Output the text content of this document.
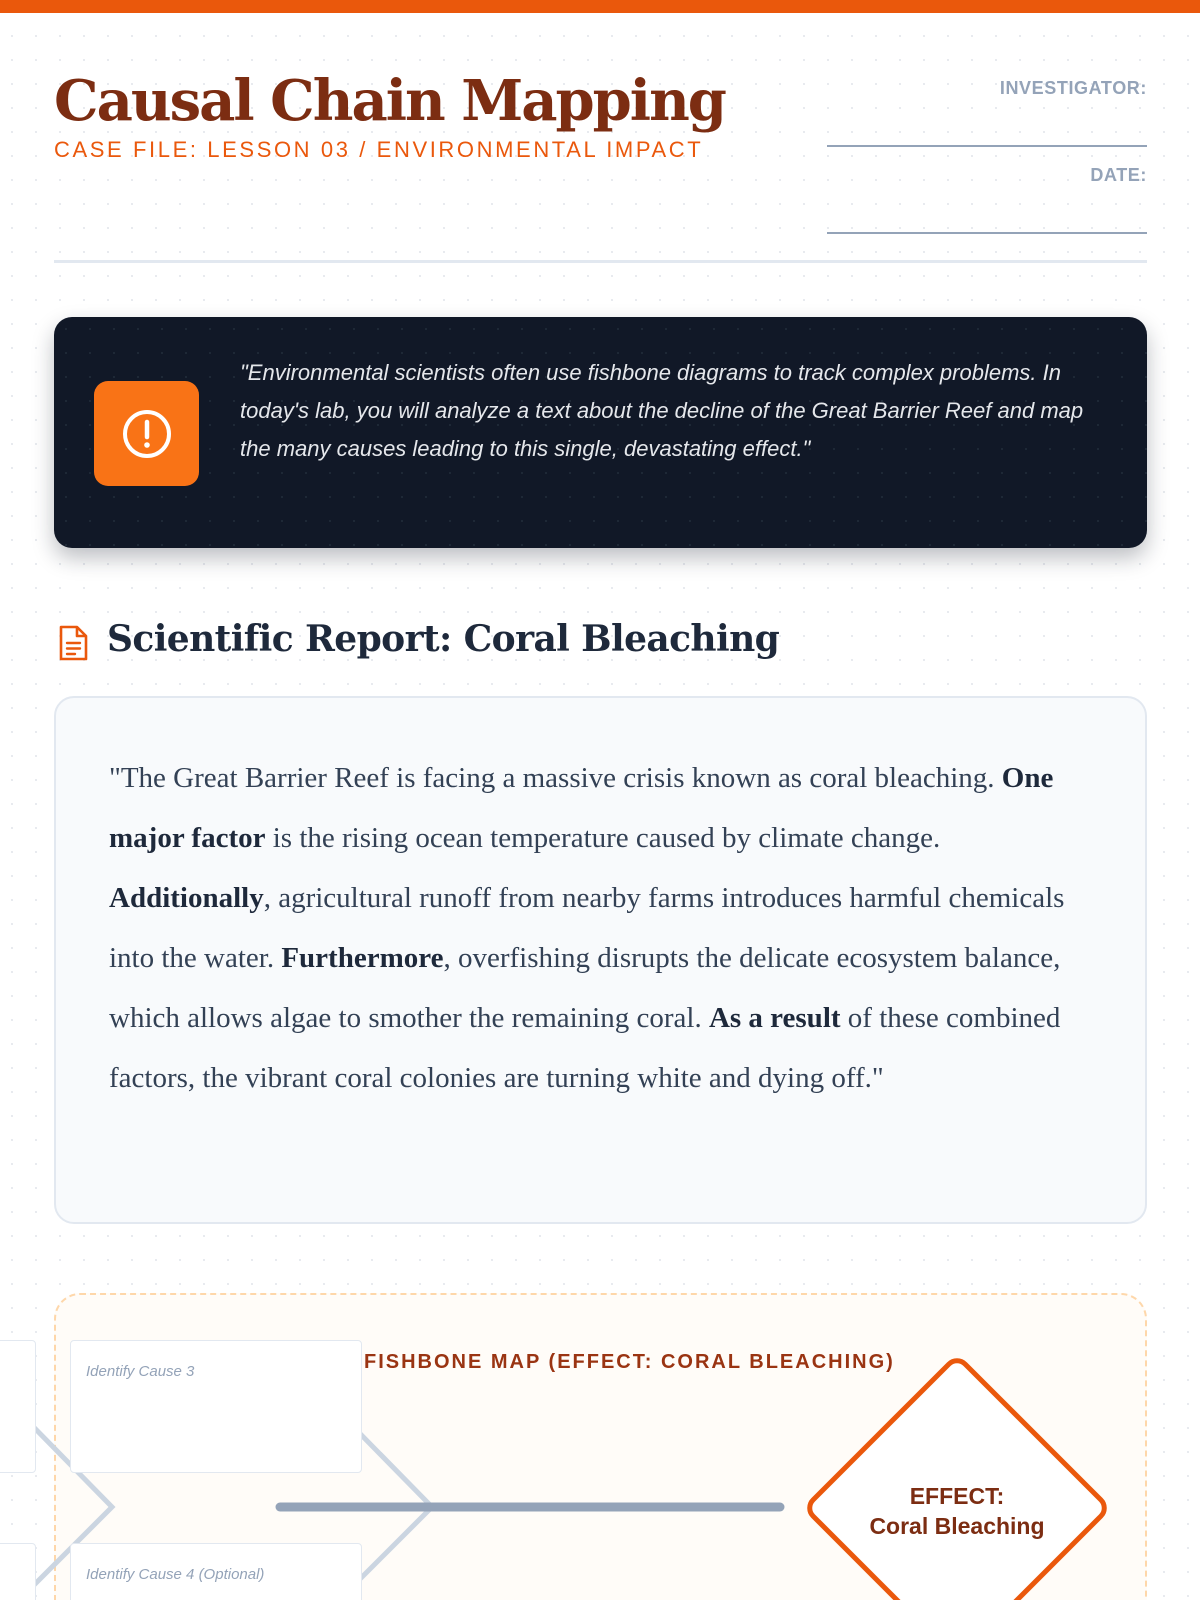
Causal Chain Mapping
CASE FILE: LESSON 03 / ENVIRONMENTAL IMPACT
INVESTIGATOR:
DATE:

"Environmental scientists often use fishbone diagrams to track complex problems. In today's lab, you will analyze a text about the decline of the Great Barrier Reef and map the many causes leading to this single, devastating effect."

Scientific Report: Coral Bleaching

"The Great Barrier Reef is facing a massive crisis known as coral bleaching. One major factor is the rising ocean temperature caused by climate change. Additionally, agricultural runoff from nearby farms introduces harmful chemicals into the water. Furthermore, overfishing disrupts the delicate ecosystem balance, which allows algae to smother the remaining coral. As a result of these combined factors, the vibrant coral colonies are turning white and dying off."

Identify Cause 3
Identify Cause 4 (Optional)
FISHBONE MAP (EFFECT: CORAL BLEACHING)
EFFECT:
Coral Bleaching
